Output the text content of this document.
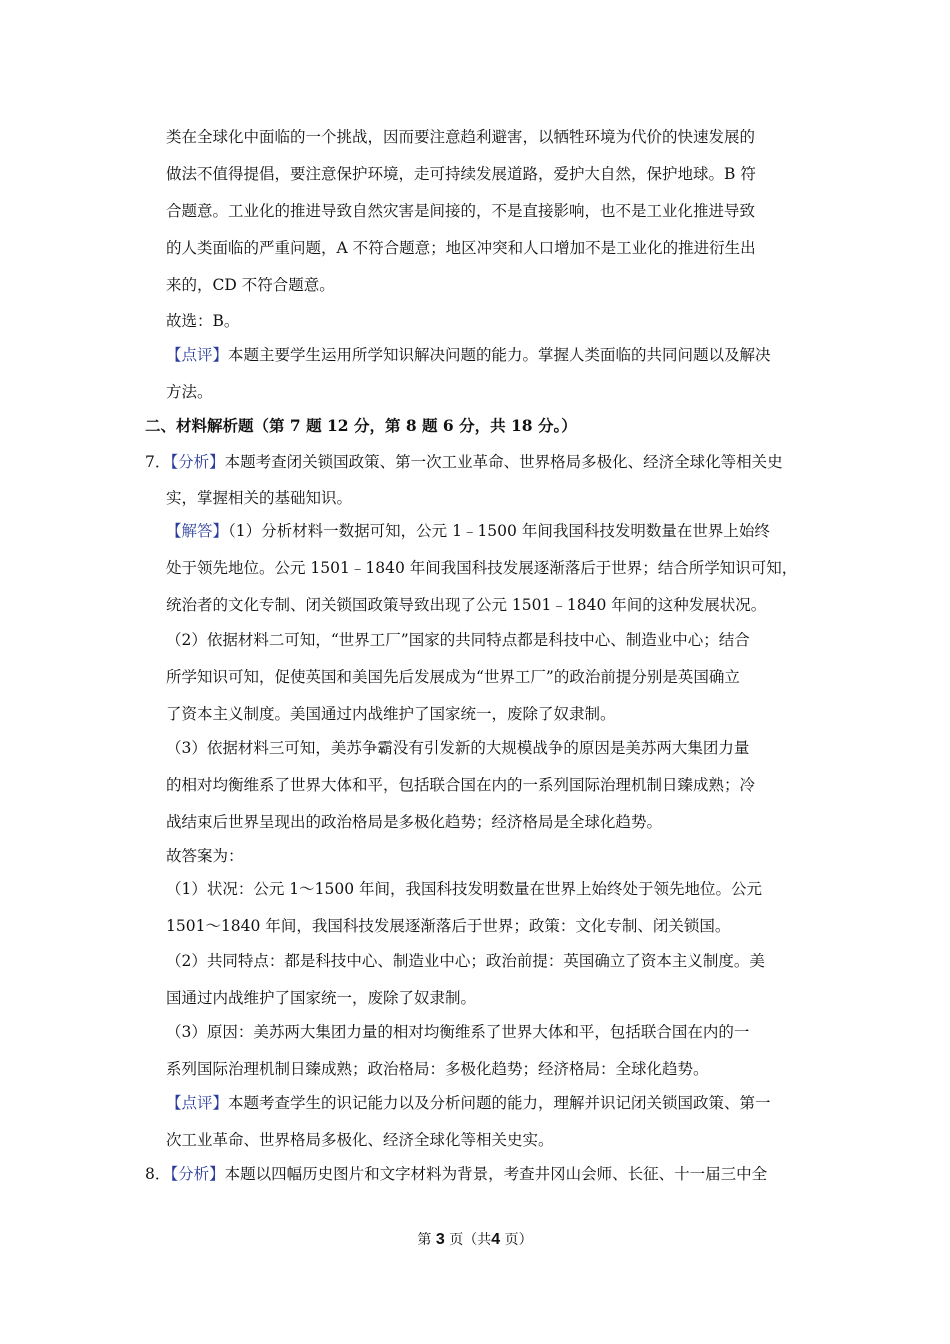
类在全球化中面临的一个挑战，因而要注意趋利避害，以牺牲环境为代价的快速发展的
做法不值得提倡，要注意保护环境，走可持续发展道路，爱护大自然，保护地球。B 符
合题意。工业化的推进导致自然灾害是间接的，不是直接影响，也不是工业化推进导致
的人类面临的严重问题，A 不符合题意；地区冲突和人口增加不是工业化的推进衍生出
来的，CD 不符合题意。
故选：B。
【点评】本题主要学生运用所学知识解决问题的能力。掌握人类面临的共同问题以及解决
方法。
二、材料解析题（第 7 题 12 分，第 8 题 6 分，共 18 分。）
7．【分析】本题考查闭关锁国政策、第一次工业革命、世界格局多极化、经济全球化等相关史
实，掌握相关的基础知识。
【解答】（1）分析材料一数据可知，公元 1﹣1500 年间我国科技发明数量在世界上始终
处于领先地位。公元 1501﹣1840 年间我国科技发展逐渐落后于世界；结合所学知识可知，
统治者的文化专制、闭关锁国政策导致出现了公元 1501﹣1840 年间的这种发展状况。
（2）依据材料二可知，“世界工厂”国家的共同特点都是科技中心、制造业中心；结合
所学知识可知，促使英国和美国先后发展成为“世界工厂”的政治前提分别是英国确立
了资本主义制度。美国通过内战维护了国家统一，废除了奴隶制。
（3）依据材料三可知，美苏争霸没有引发新的大规模战争的原因是美苏两大集团力量
的相对均衡维系了世界大体和平，包括联合国在内的一系列国际治理机制日臻成熟；冷
战结束后世界呈现出的政治格局是多极化趋势；经济格局是全球化趋势。
故答案为：
（1）状况：公元 1～1500 年间，我国科技发明数量在世界上始终处于领先地位。公元
1501～1840 年间，我国科技发展逐渐落后于世界；政策：文化专制、闭关锁国。
（2）共同特点：都是科技中心、制造业中心；政治前提：英国确立了资本主义制度。美
国通过内战维护了国家统一，废除了奴隶制。
（3）原因：美苏两大集团力量的相对均衡维系了世界大体和平，包括联合国在内的一
系列国际治理机制日臻成熟；政治格局：多极化趋势；经济格局：全球化趋势。
【点评】本题考查学生的识记能力以及分析问题的能力，理解并识记闭关锁国政策、第一
次工业革命、世界格局多极化、经济全球化等相关史实。
8．【分析】本题以四幅历史图片和文字材料为背景，考查井冈山会师、长征、十一届三中全
第 3 页（共4 页）
